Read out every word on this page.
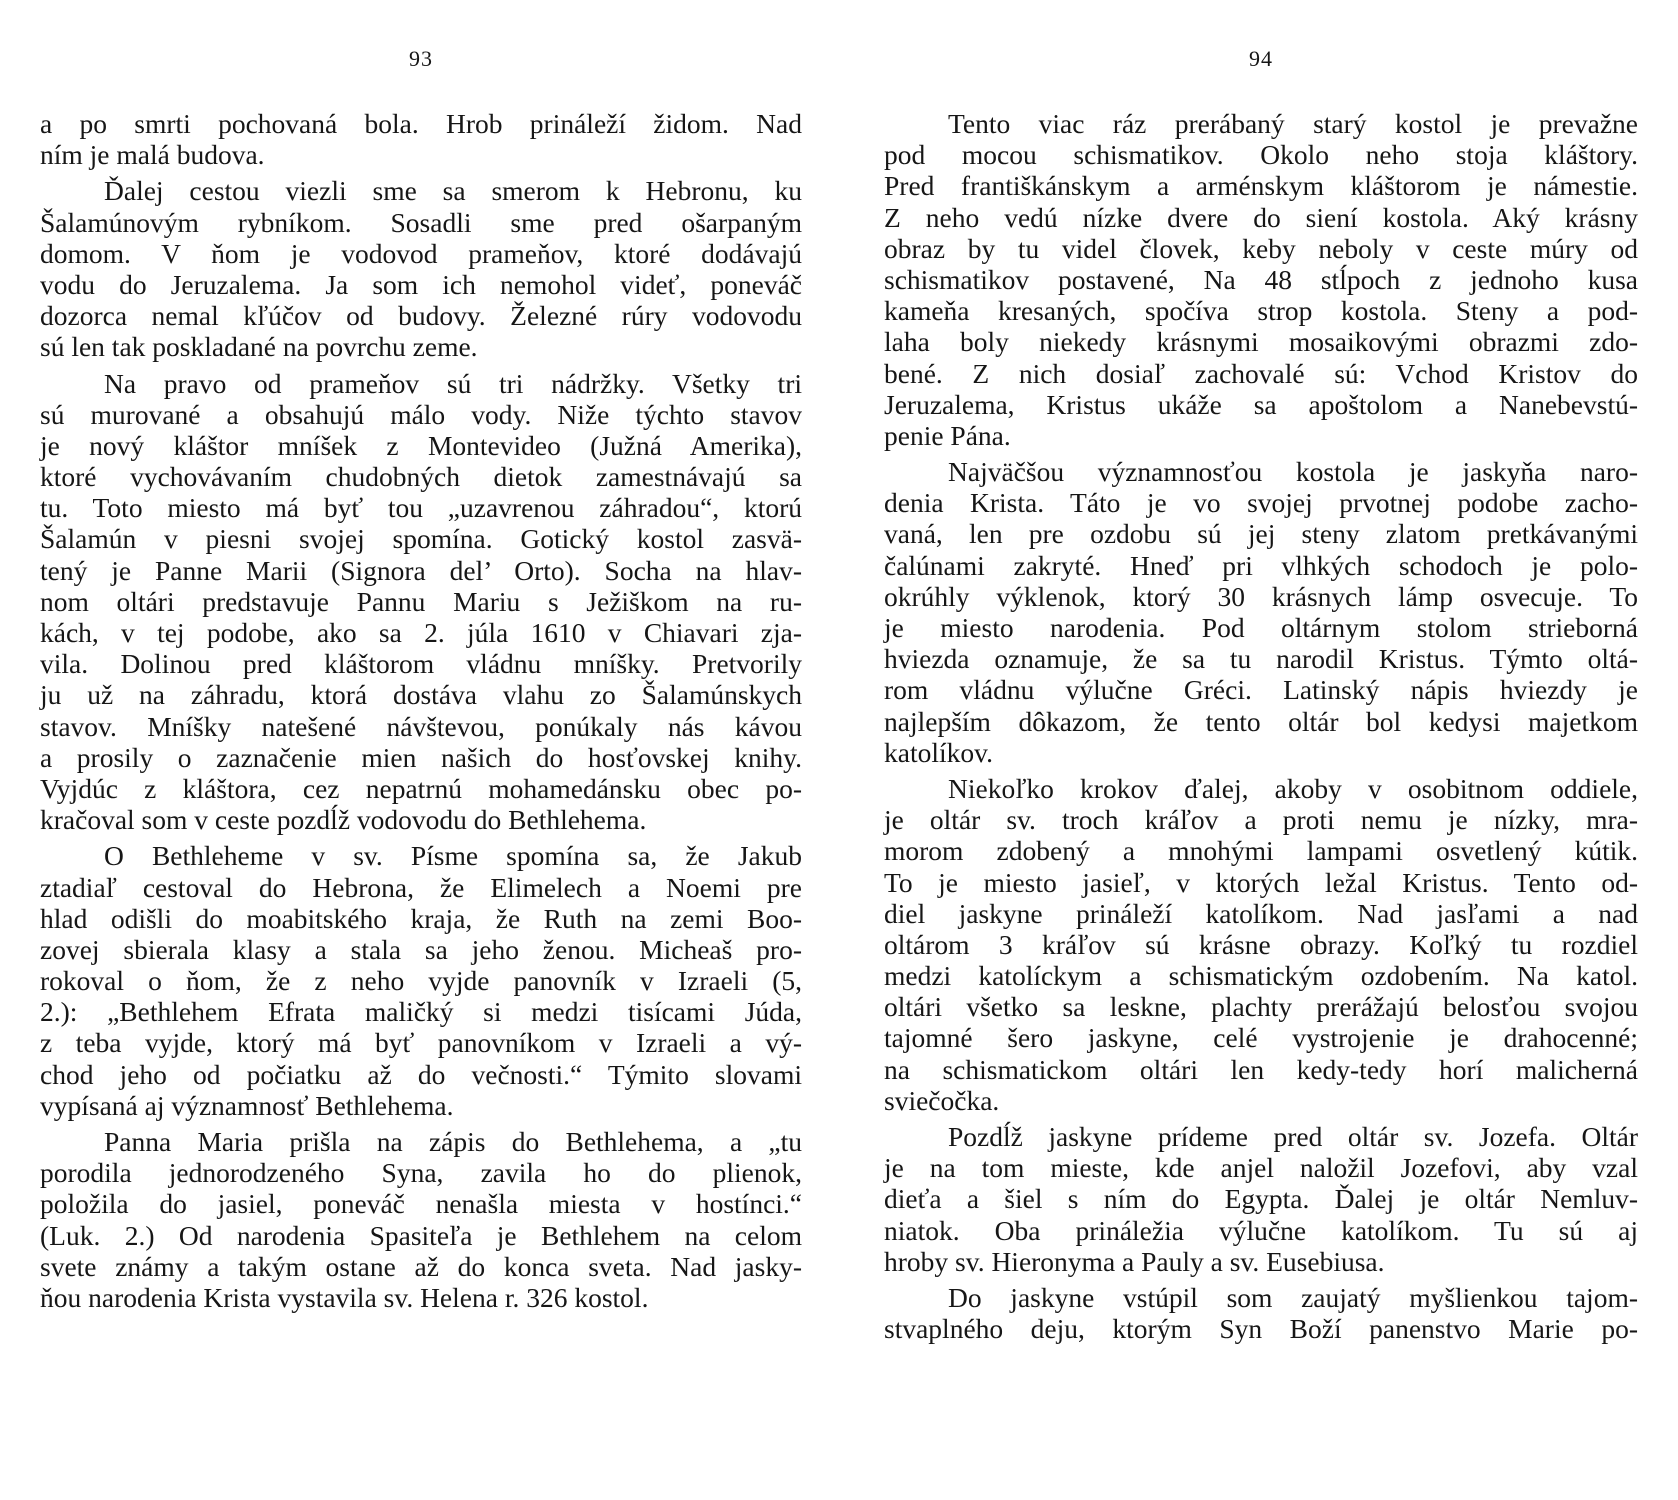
93
a po smrti pochovaná bola. Hrob prináleží židom. Nad
ním je malá budova.
Ďalej cestou viezli sme sa smerom k Hebronu, ku
Šalamúnovým rybníkom. Sosadli sme pred ošarpaným
domom. V ňom je vodovod prameňov, ktoré dodávajú
vodu do Jeruzalema. Ja som ich nemohol videť, poneváč
dozorca nemal kľúčov od budovy. Železné rúry vodovodu
sú len tak poskladané na povrchu zeme.
Na pravo od prameňov sú tri nádržky. Všetky tri
sú murované a obsahujú málo vody. Niže týchto stavov
je nový kláštor mníšek z Montevideo (Južná Amerika),
ktoré vychovávaním chudobných dietok zamestnávajú sa
tu. Toto miesto má byť tou „uzavrenou záhradou“, ktorú
Šalamún v piesni svojej spomína. Gotický kostol zasvä-
tený je Panne Marii (Signora del’ Orto). Socha na hlav-
nom oltári predstavuje Pannu Mariu s Ježiškom na ru-
kách, v tej podobe, ako sa 2. júla 1610 v Chiavari zja-
vila. Dolinou pred kláštorom vládnu mníšky. Pretvorily
ju už na záhradu, ktorá dostáva vlahu zo Šalamúnskych
stavov. Mníšky natešené návštevou, ponúkaly nás kávou
a prosily o zaznačenie mien našich do hosťovskej knihy.
Vyjdúc z kláštora, cez nepatrnú mohamedánsku obec po-
kračoval som v ceste pozdĺž vodovodu do Bethlehema.
O Bethleheme v sv. Písme spomína sa, že Jakub
ztadiaľ cestoval do Hebrona, že Elimelech a Noemi pre
hlad odišli do moabitského kraja, že Ruth na zemi Boo-
zovej sbierala klasy a stala sa jeho ženou. Micheaš pro-
rokoval o ňom, že z neho vyjde panovník v Izraeli (5,
2.): „Bethlehem Efrata maličký si medzi tisícami Júda,
z teba vyjde, ktorý má byť panovníkom v Izraeli a vý-
chod jeho od počiatku až do večnosti.“ Týmito slovami
vypísaná aj významnosť Bethlehema.
Panna Maria prišla na zápis do Bethlehema, a „tu
porodila jednorodzeného Syna, zavila ho do plienok,
položila do jasiel, poneváč nenašla miesta v hostínci.“
(Luk. 2.) Od narodenia Spasiteľa je Bethlehem na celom
svete známy a takým ostane až do konca sveta. Nad jasky-
ňou narodenia Krista vystavila sv. Helena r. 326 kostol.
94
Tento viac ráz prerábaný starý kostol je prevažne
pod mocou schismatikov. Okolo neho stoja kláštory.
Pred františkánskym a arménskym kláštorom je námestie.
Z neho vedú nízke dvere do siení kostola. Aký krásny
obraz by tu videl človek, keby neboly v ceste múry od
schismatikov postavené, Na 48 stĺpoch z jednoho kusa
kameňa kresaných, spočíva strop kostola. Steny a pod-
laha boly niekedy krásnymi mosaikovými obrazmi zdo-
bené. Z nich dosiaľ zachovalé sú: Vchod Kristov do
Jeruzalema, Kristus ukáže sa apoštolom a Nanebevstú-
penie Pána.
Najväčšou významnosťou kostola je jaskyňa naro-
denia Krista. Táto je vo svojej prvotnej podobe zacho-
vaná, len pre ozdobu sú jej steny zlatom pretkávanými
čalúnami zakryté. Hneď pri vlhkých schodoch je polo-
okrúhly výklenok, ktorý 30 krásnych lámp osvecuje. To
je miesto narodenia. Pod oltárnym stolom strieborná
hviezda oznamuje, že sa tu narodil Kristus. Týmto oltá-
rom vládnu výlučne Gréci. Latinský nápis hviezdy je
najlepším dôkazom, že tento oltár bol kedysi majetkom
katolíkov.
Niekoľko krokov ďalej, akoby v osobitnom oddiele,
je oltár sv. troch kráľov a proti nemu je nízky, mra-
morom zdobený a mnohými lampami osvetlený kútik.
To je miesto jasieľ, v ktorých ležal Kristus. Tento od-
diel jaskyne prináleží katolíkom. Nad jasľami a nad
oltárom 3 kráľov sú krásne obrazy. Koľký tu rozdiel
medzi katolíckym a schismatickým ozdobením. Na katol.
oltári všetko sa leskne, plachty prerážajú belosťou svojou
tajomné šero jaskyne, celé vystrojenie je drahocenné;
na schismatickom oltári len kedy-tedy horí malicherná
sviečočka.
Pozdĺž jaskyne prídeme pred oltár sv. Jozefa. Oltár
je na tom mieste, kde anjel naložil Jozefovi, aby vzal
dieťa a šiel s ním do Egypta. Ďalej je oltár Nemluv-
niatok. Oba prináležia výlučne katolíkom. Tu sú aj
hroby sv. Hieronyma a Pauly a sv. Eusebiusa.
Do jaskyne vstúpil som zaujatý myšlienkou tajom-
stvaplného deju, ktorým Syn Boží panenstvo Marie po-
